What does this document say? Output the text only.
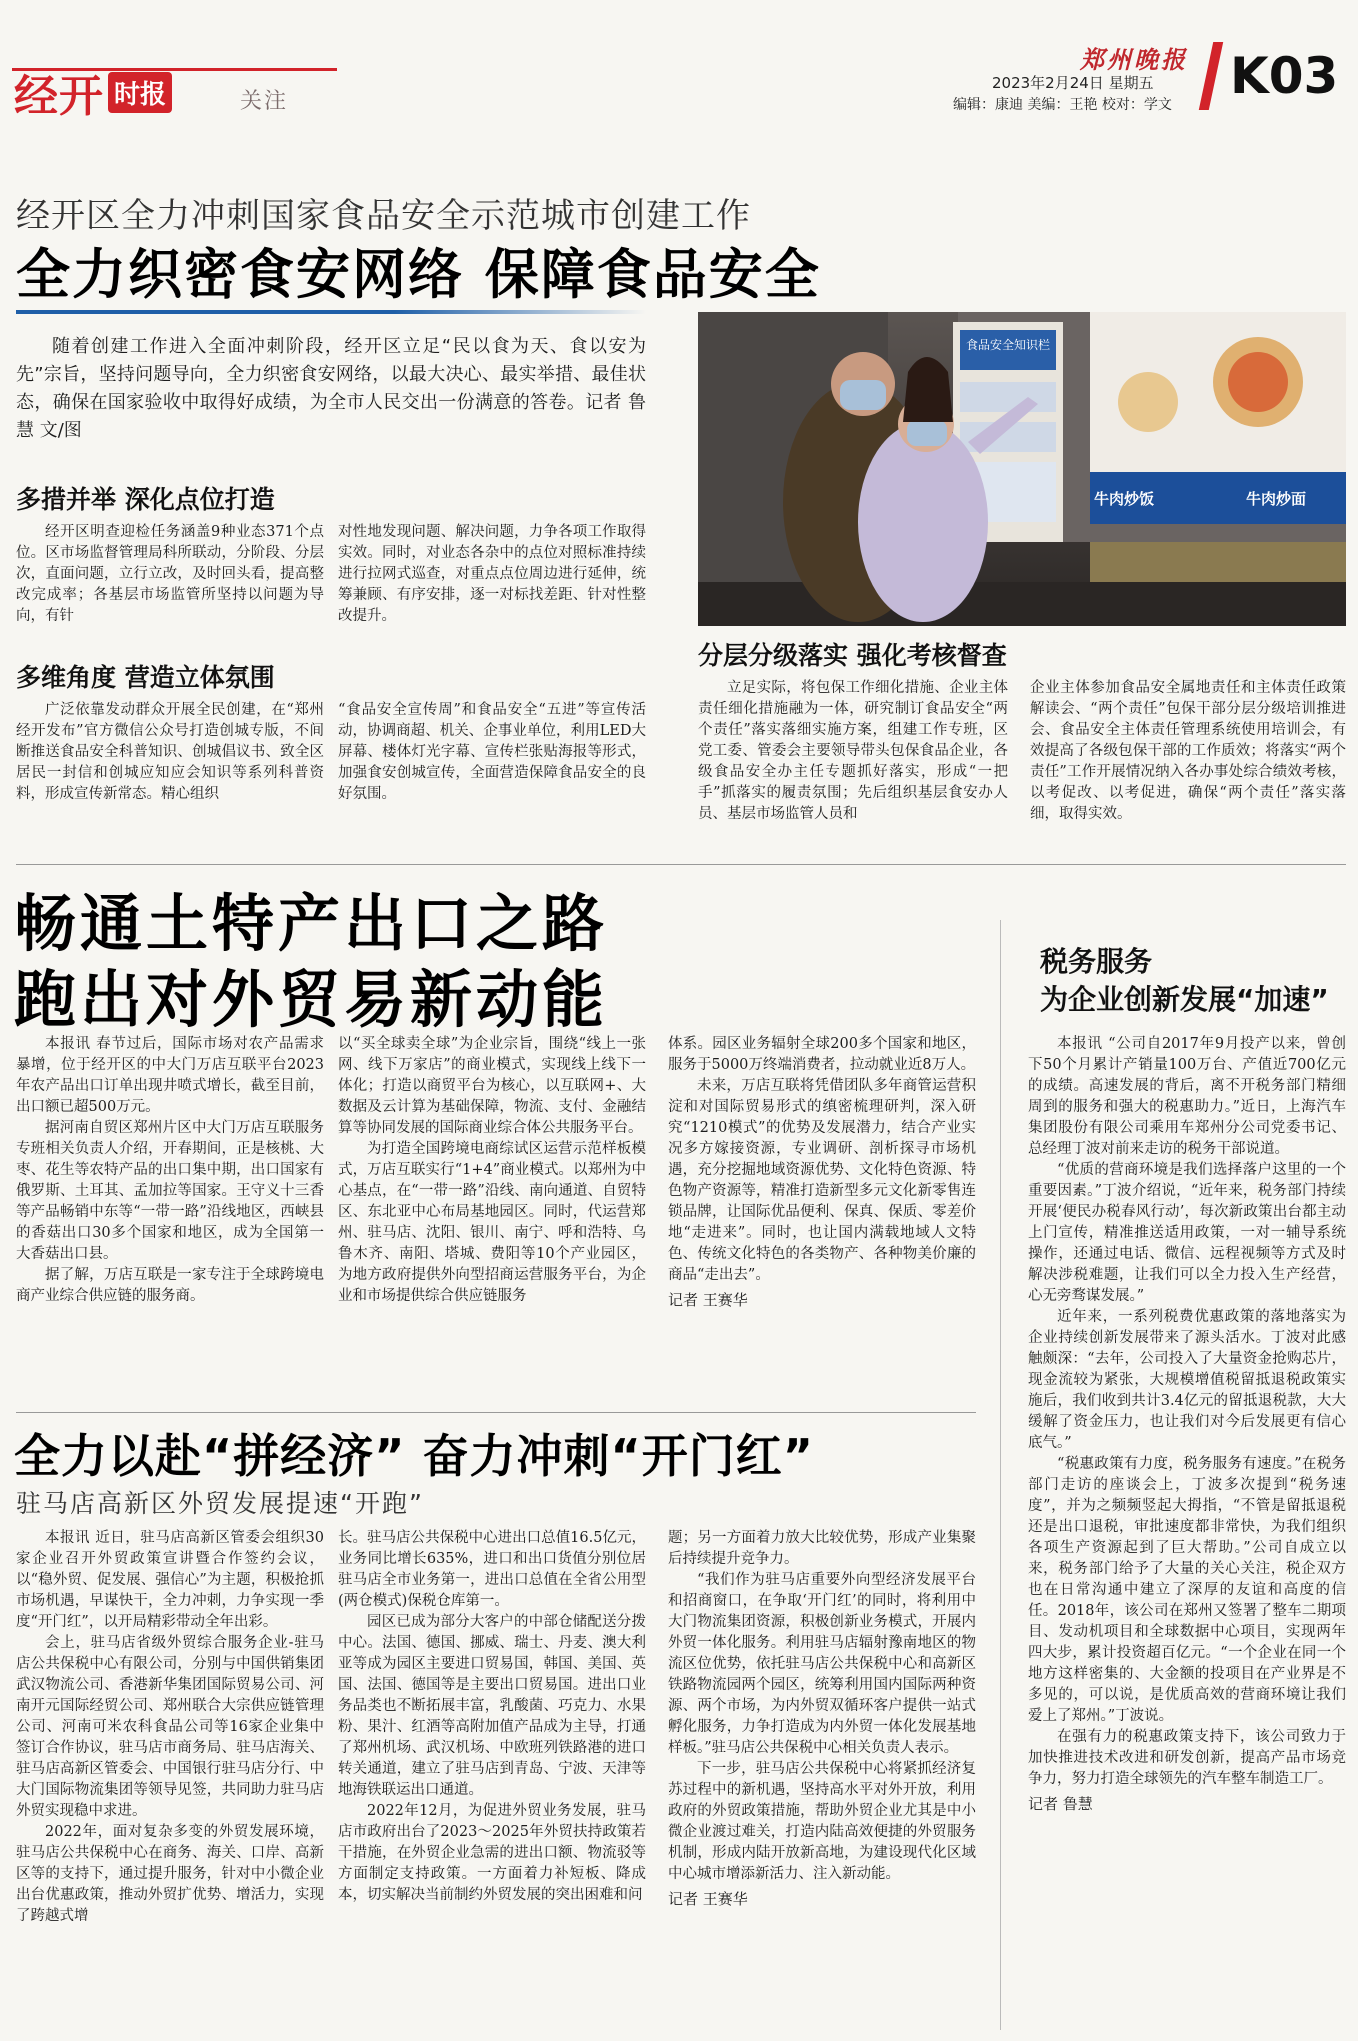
经开 时报	关注
郑州晚报
2023年2月24日 星期五
编辑：康迪 美编：王艳 校对：学文 K03
经开区全力冲刺国家食品安全示范城市创建工作
全力织密食安网络 保障食品安全

随着创建工作进入全面冲刺阶段，经开区立足“民以食为天、食以安为先”宗旨，坚持问题导向，全力织密食安网络，以最大决心、最实举措、最佳状态，确保在国家验收中取得好成绩，为全市人民交出一份满意的答卷。记者 鲁慧 文/图

多措并举 深化点位打造

经开区明查迎检任务涵盖9种业态371个点位。区市场监督管理局科所联动，分阶段、分层次，直面问题，立行立改，及时回头看，提高整改完成率；各基层市场监管所坚持以问题为导向，有针

对性地发现问题、解决问题，力争各项工作取得实效。同时，对业态各杂中的点位对照标准持续进行拉网式巡查，对重点点位周边进行延伸，统筹兼顾、有序安排，逐一对标找差距、针对性整改提升。

多维角度 营造立体氛围

广泛依靠发动群众开展全民创建，在“郑州经开发布”官方微信公众号打造创城专版，不间断推送食品安全科普知识、创城倡议书、致全区居民一封信和创城应知应会知识等系列科普资料，形成宣传新常态。精心组织

“食品安全宣传周”和食品安全“五进”等宣传活动，协调商超、机关、企事业单位，利用LED大屏幕、楼体灯光字幕、宣传栏张贴海报等形式，加强食安创城宣传，全面营造保障食品安全的良好氛围。

食品安全知识栏
牛肉炒饭	牛肉炒面
分层分级落实 强化考核督查

立足实际，将包保工作细化措施、企业主体责任细化措施融为一体，研究制订食品安全“两个责任”落实落细实施方案，组建工作专班，区党工委、管委会主要领导带头包保食品企业，各级食品安全办主任专题抓好落实，形成“一把手”抓落实的履责氛围；先后组织基层食安办人员、基层市场监管人员和

企业主体参加食品安全属地责任和主体责任政策解读会、“两个责任”包保干部分层分级培训推进会、食品安全主体责任管理系统使用培训会，有效提高了各级包保干部的工作质效；将落实“两个责任”工作开展情况纳入各办事处综合绩效考核，以考促改、以考促进，确保“两个责任”落实落细，取得实效。

畅通土特产出口之路
跑出对外贸易新动能

本报讯 春节过后，国际市场对农产品需求暴增，位于经开区的中大门万店互联平台2023年农产品出口订单出现井喷式增长，截至目前，出口额已超500万元。

据河南自贸区郑州片区中大门万店互联服务专班相关负责人介绍，开春期间，正是核桃、大枣、花生等农特产品的出口集中期，出口国家有俄罗斯、土耳其、孟加拉等国家。王守义十三香等产品畅销中东等“一带一路”沿线地区，西峡县的香菇出口30多个国家和地区，成为全国第一大香菇出口县。

据了解，万店互联是一家专注于全球跨境电商产业综合供应链的服务商。

以“买全球卖全球”为企业宗旨，围绕“线上一张网、线下万家店”的商业模式，实现线上线下一体化；打造以商贸平台为核心，以互联网+、大数据及云计算为基础保障，物流、支付、金融结算等协同发展的国际商业综合体公共服务平台。

为打造全国跨境电商综试区运营示范样板模式，万店互联实行“1+4”商业模式。以郑州为中心基点，在“一带一路”沿线、南向通道、自贸特区、东北亚中心布局基地园区。同时，代运营郑州、驻马店、沈阳、银川、南宁、呼和浩特、乌鲁木齐、南阳、塔城、费阳等10个产业园区，为地方政府提供外向型招商运营服务平台，为企业和市场提供综合供应链服务

体系。园区业务辐射全球200多个国家和地区，服务于5000万终端消费者，拉动就业近8万人。

未来，万店互联将凭借团队多年商管运营积淀和对国际贸易形式的缜密梳理研判，深入研究“1210模式”的优势及发展潜力，结合产业实况多方嫁接资源，专业调研、剖析探寻市场机遇，充分挖掘地域资源优势、文化特色资源、特色物产资源等，精准打造新型多元文化新零售连锁品牌，让国际优品便利、保真、保质、零差价地“走进来”。同时，也让国内满载地域人文特色、传统文化特色的各类物产、各种物美价廉的商品“走出去”。

记者 王赛华
全力以赴“拼经济” 奋力冲刺“开门红”
驻马店高新区外贸发展提速“开跑”

本报讯 近日，驻马店高新区管委会组织30家企业召开外贸政策宣讲暨合作签约会议，以“稳外贸、促发展、强信心”为主题，积极抢抓市场机遇，早谋快干，全力冲刺，力争实现一季度“开门红”，以开局精彩带动全年出彩。

会上，驻马店省级外贸综合服务企业-驻马店公共保税中心有限公司，分别与中国供销集团武汉物流公司、香港新华集团国际贸易公司、河南开元国际经贸公司、郑州联合大宗供应链管理公司、河南可米农科食品公司等16家企业集中签订合作协议，驻马店市商务局、驻马店海关、驻马店高新区管委会、中国银行驻马店分行、中大门国际物流集团等领导见签，共同助力驻马店外贸实现稳中求进。

2022年，面对复杂多变的外贸发展环境，驻马店公共保税中心在商务、海关、口岸、高新区等的支持下，通过提升服务，针对中小微企业出台优惠政策，推动外贸扩优势、增活力，实现了跨越式增

长。驻马店公共保税中心进出口总值16.5亿元，业务同比增长635%，进口和出口货值分别位居驻马店全市业务第一，进出口总值在全省公用型(两仓模式)保税仓库第一。

园区已成为部分大客户的中部仓储配送分拨中心。法国、德国、挪威、瑞士、丹麦、澳大利亚等成为园区主要进口贸易国，韩国、美国、英国、法国、德国等是主要出口贸易国。进出口业务品类也不断拓展丰富，乳酸菌、巧克力、水果粉、果汁、红酒等高附加值产品成为主导，打通了郑州机场、武汉机场、中欧班列铁路港的进口转关通道，建立了驻马店到青岛、宁波、天津等地海铁联运出口通道。

2022年12月，为促进外贸业务发展，驻马店市政府出台了2023～2025年外贸扶持政策若干措施，在外贸企业急需的进出口额、物流驳等方面制定支持政策。一方面着力补短板、降成本，切实解决当前制约外贸发展的突出困难和问

题；另一方面着力放大比较优势，形成产业集聚后持续提升竞争力。

“我们作为驻马店重要外向型经济发展平台和招商窗口，在争取‘开门红’的同时，将利用中大门物流集团资源，积极创新业务模式，开展内外贸一体化服务。利用驻马店辐射豫南地区的物流区位优势，依托驻马店公共保税中心和高新区铁路物流园两个园区，统筹利用国内国际两种资源、两个市场，为内外贸双循环客户提供一站式孵化服务，力争打造成为内外贸一体化发展基地样板。”驻马店公共保税中心相关负责人表示。

下一步，驻马店公共保税中心将紧抓经济复苏过程中的新机遇，坚持高水平对外开放，利用政府的外贸政策措施，帮助外贸企业尤其是中小微企业渡过难关，打造内陆高效便捷的外贸服务机制，形成内陆开放新高地，为建设现代化区域中心城市增添新活力、注入新动能。

记者 王赛华
税务服务
为企业创新发展“加速”

本报讯 “公司自2017年9月投产以来，曾创下50个月累计产销量100万台、产值近700亿元的成绩。高速发展的背后，离不开税务部门精细周到的服务和强大的税惠助力。”近日，上海汽车集团股份有限公司乘用车郑州分公司党委书记、总经理丁波对前来走访的税务干部说道。

“优质的营商环境是我们选择落户这里的一个重要因素。”丁波介绍说，“近年来，税务部门持续开展‘便民办税春风行动’，每次新政策出台都主动上门宣传，精准推送适用政策，一对一辅导系统操作，还通过电话、微信、远程视频等方式及时解决涉税难题，让我们可以全力投入生产经营，心无旁骛谋发展。”

近年来，一系列税费优惠政策的落地落实为企业持续创新发展带来了源头活水。丁波对此感触颇深：“去年，公司投入了大量资金抢购芯片，现金流较为紧张，大规模增值税留抵退税政策实施后，我们收到共计3.4亿元的留抵退税款，大大缓解了资金压力，也让我们对今后发展更有信心底气。”

“税惠政策有力度，税务服务有速度。”在税务部门走访的座谈会上，丁波多次提到“税务速度”，并为之频频竖起大拇指，“不管是留抵退税还是出口退税，审批速度都非常快，为我们组织各项生产资源起到了巨大帮助。”公司自成立以来，税务部门给予了大量的关心关注，税企双方也在日常沟通中建立了深厚的友谊和高度的信任。2018年，该公司在郑州又签署了整车二期项目、发动机项目和全球数据中心项目，实现两年四大步，累计投资超百亿元。“一个企业在同一个地方这样密集的、大金额的投项目在产业界是不多见的，可以说，是优质高效的营商环境让我们爱上了郑州。”丁波说。

在强有力的税惠政策支持下，该公司致力于加快推进技术改进和研发创新，提高产品市场竞争力，努力打造全球领先的汽车整车制造工厂。

记者 鲁慧
